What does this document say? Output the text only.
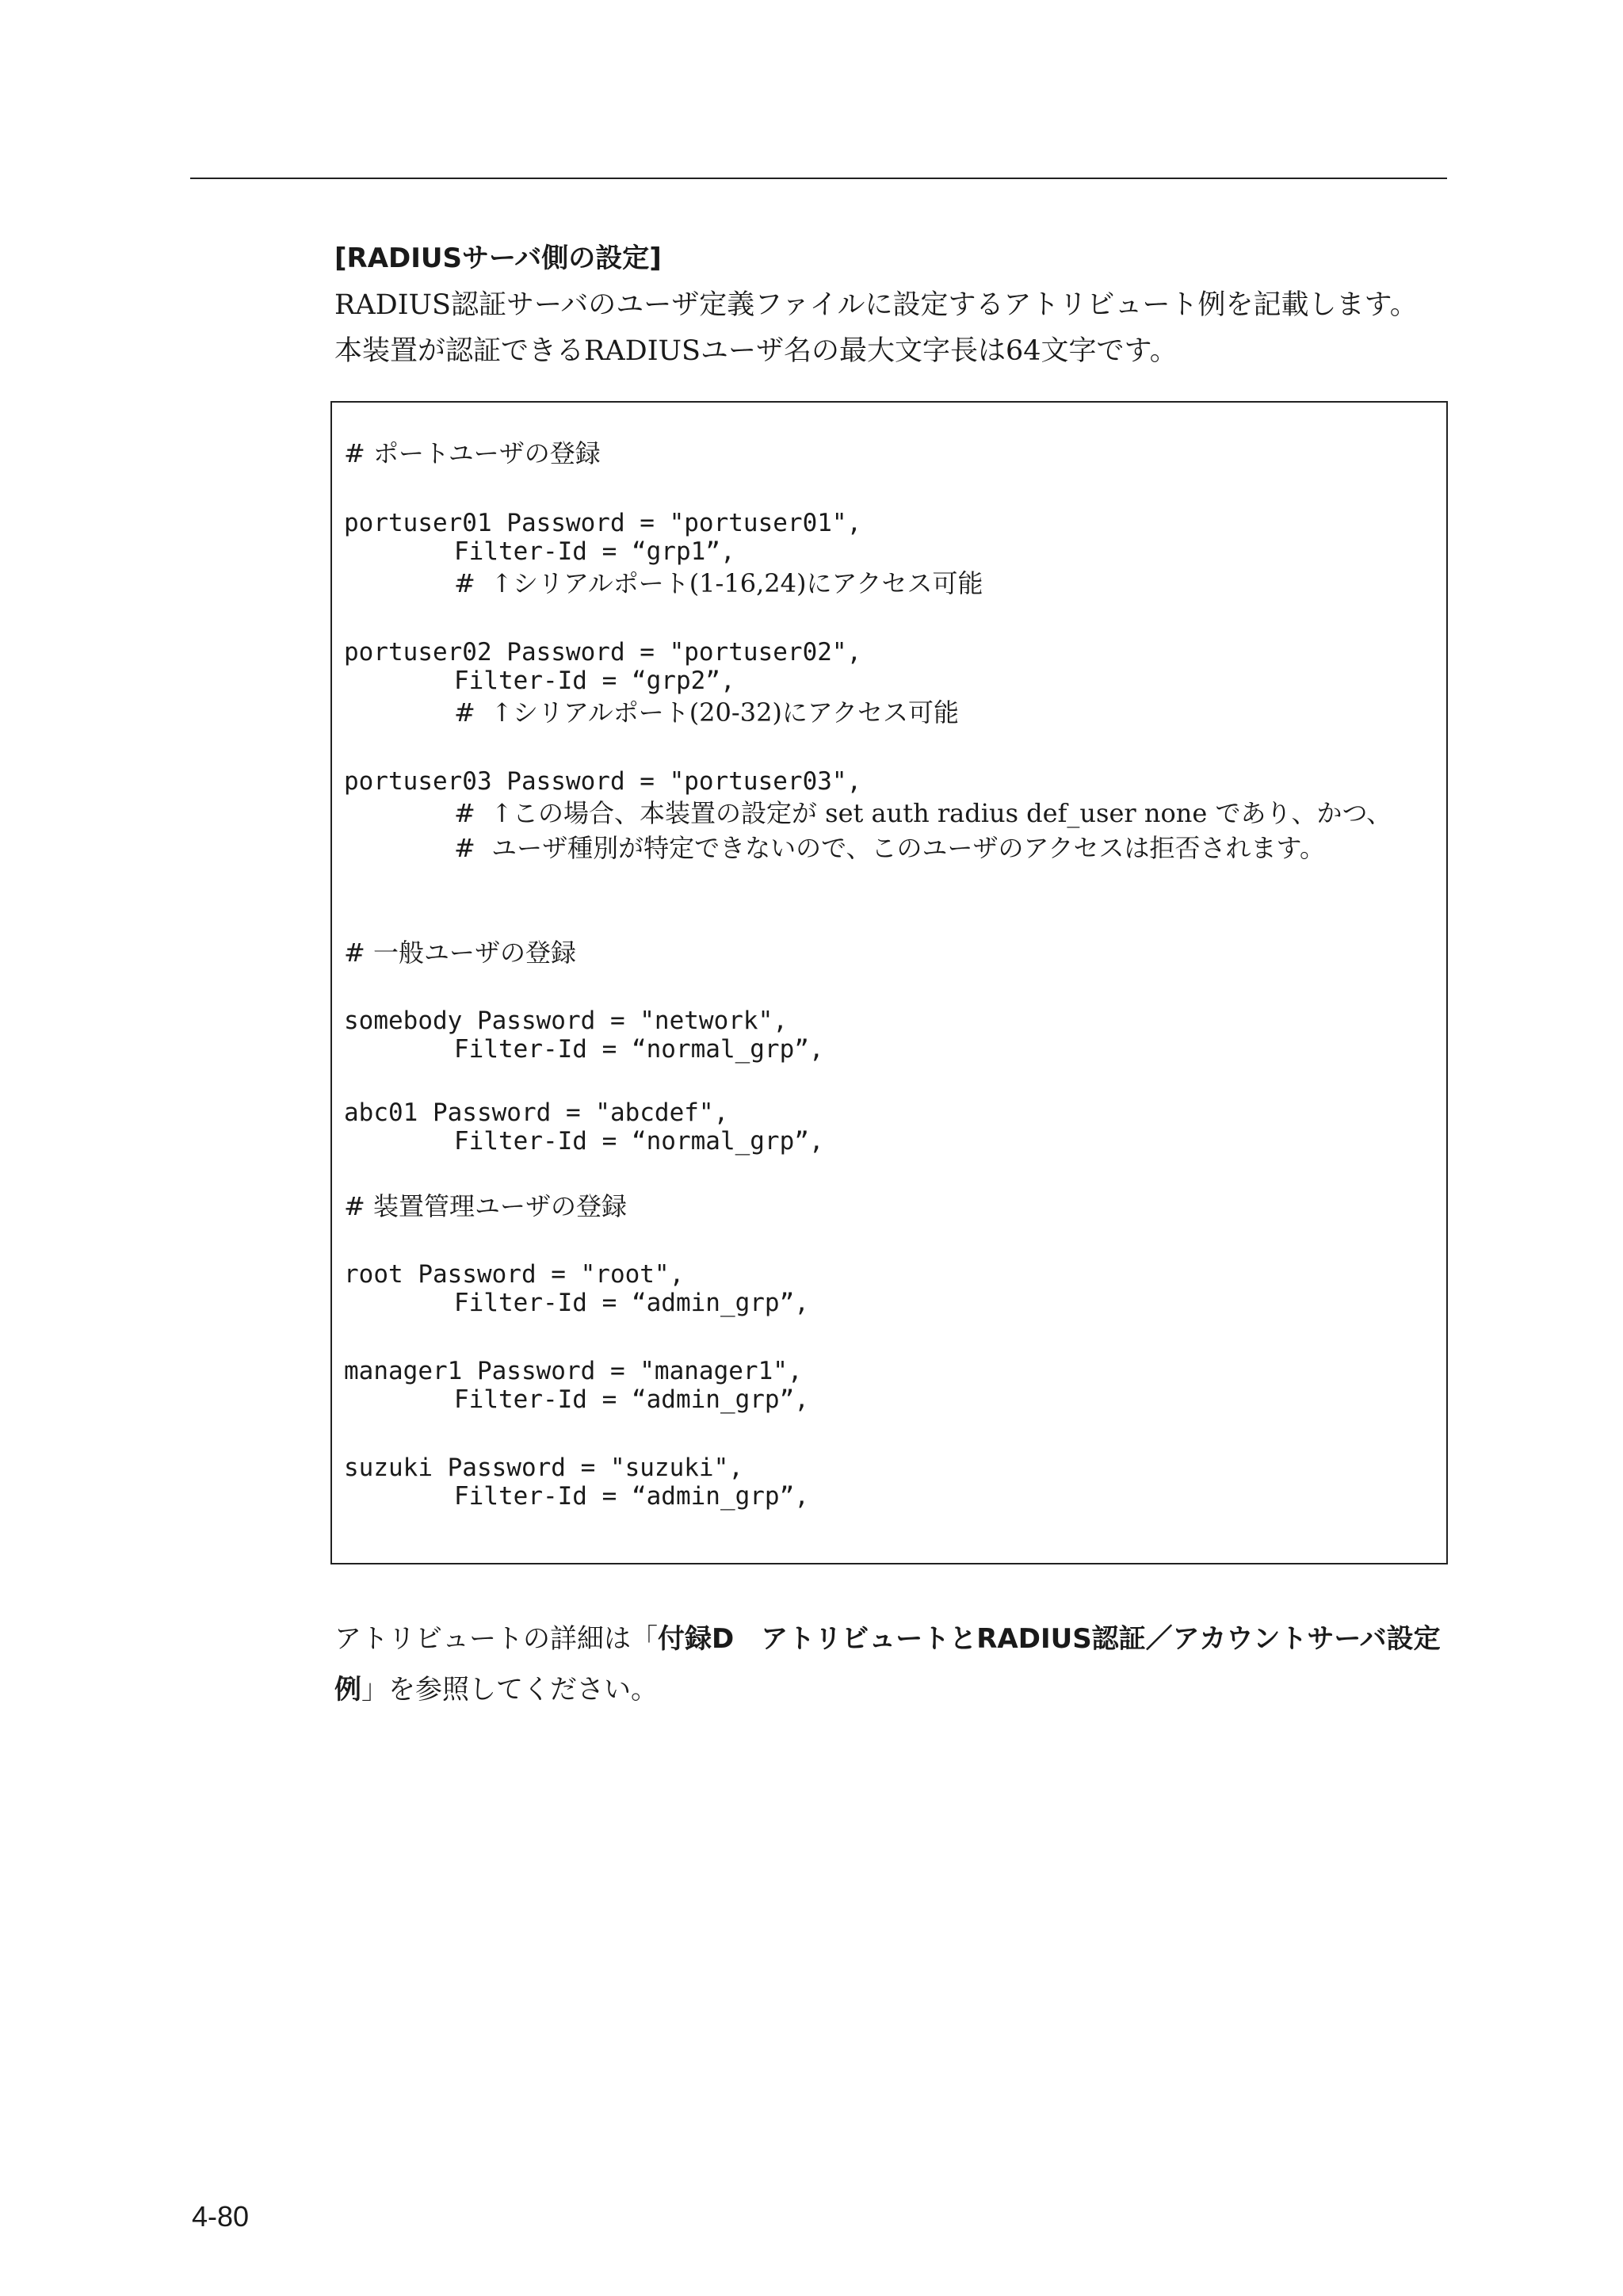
[RADIUSサーバ側の設定]

RADIUS認証サーバのユーザ定義ファイルに設定するアトリビュート例を記載します。

本装置が認証できるRADIUSユーザ名の最大文字長は64文字です。

# ポートユーザの登録
portuser01 Password = "portuser01",
Filter-Id = “grp1”,
#  ↑シリアルポート(1-16,24)にアクセス可能
portuser02 Password = "portuser02",
Filter-Id = “grp2”,
#  ↑シリアルポート(20-32)にアクセス可能
portuser03 Password = "portuser03",
#  ↑この場合、本装置の設定が set auth radius def_user none であり、かつ、
#  ユーザ種別が特定できないので、このユーザのアクセスは拒否されます。
# 一般ユーザの登録
somebody Password = "network",
Filter-Id = “normal_grp”,
abc01 Password = "abcdef",
Filter-Id = “normal_grp”,
# 装置管理ユーザの登録
root Password = "root",
Filter-Id = “admin_grp”,
manager1 Password = "manager1",
Filter-Id = “admin_grp”,
suzuki Password = "suzuki",
Filter-Id = “admin_grp”,
アトリビュートの詳細は「付録D　アトリビュートとRADIUS認証／アカウントサーバ設定例」を参照してください。
4-80
